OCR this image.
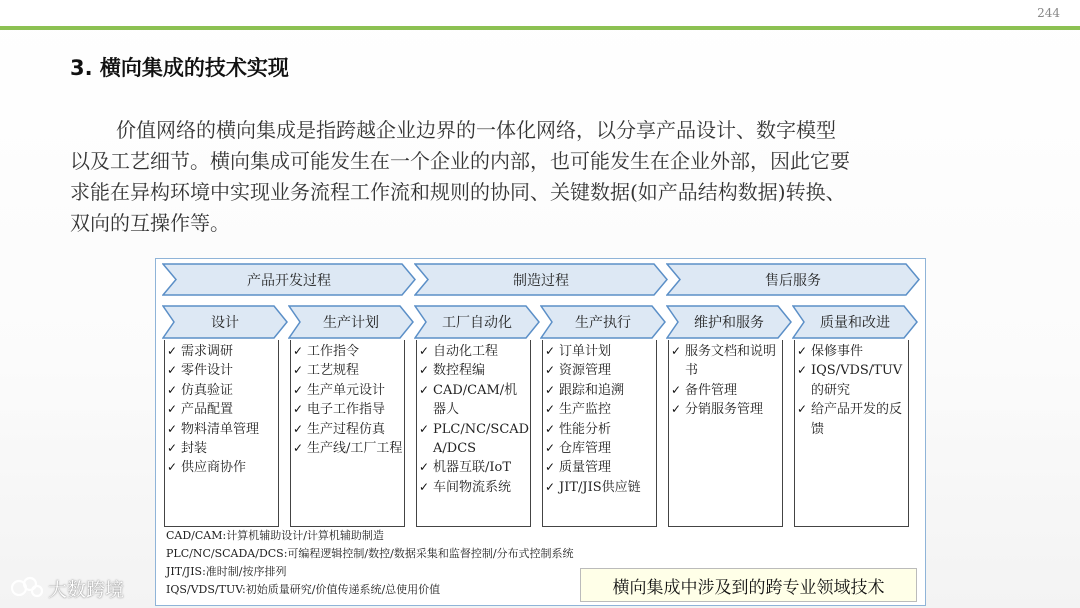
244
3. 横向集成的技术实现

价值网络的横向集成是指跨越企业边界的一体化网络，以分享产品设计、数字模型

以及工艺细节。横向集成可能发生在一个企业的内部，也可能发生在企业外部，因此它要

求能在异构环境中实现业务流程工作流和规则的协同、关键数据(如产品结构数据)转换、

双向的互操作等。

产品开发过程	制造过程	售后服务
设计
✓ 需求调研
✓ 零件设计
✓ 仿真验证
✓ 产品配置
✓ 物料清单管理
✓ 封装
✓ 供应商协作
生产计划
✓ 工作指令
✓ 工艺规程
✓ 生产单元设计
✓ 电子工作指导
✓ 生产过程仿真
✓ 生产线/工厂工程
工厂自动化
✓ 自动化工程
✓ 数控程编
✓ CAD/CAM/机器人
✓ PLC/NC/SCADA/DCS
✓ 机器互联/IoT
✓ 车间物流系统
生产执行
✓ 订单计划
✓ 资源管理
✓ 跟踪和追溯
✓ 生产监控
✓ 性能分析
✓ 仓库管理
✓ 质量管理
✓ JIT/JIS供应链
维护和服务
✓ 服务文档和说明书
✓ 备件管理
✓ 分销服务管理
质量和改进
✓ 保修事件
✓ IQS/VDS/TUV的研究
✓ 给产品开发的反馈
CAD/CAM:计算机辅助设计/计算机辅助制造
PLC/NC/SCADA/DCS:可编程逻辑控制/数控/数据采集和监督控制/分布式控制系统
JIT/JIS:准时制/按序排列
IQS/VDS/TUV:初始质量研究/价值传递系统/总使用价值	横向集成中涉及到的跨专业领域技术
大数跨境
